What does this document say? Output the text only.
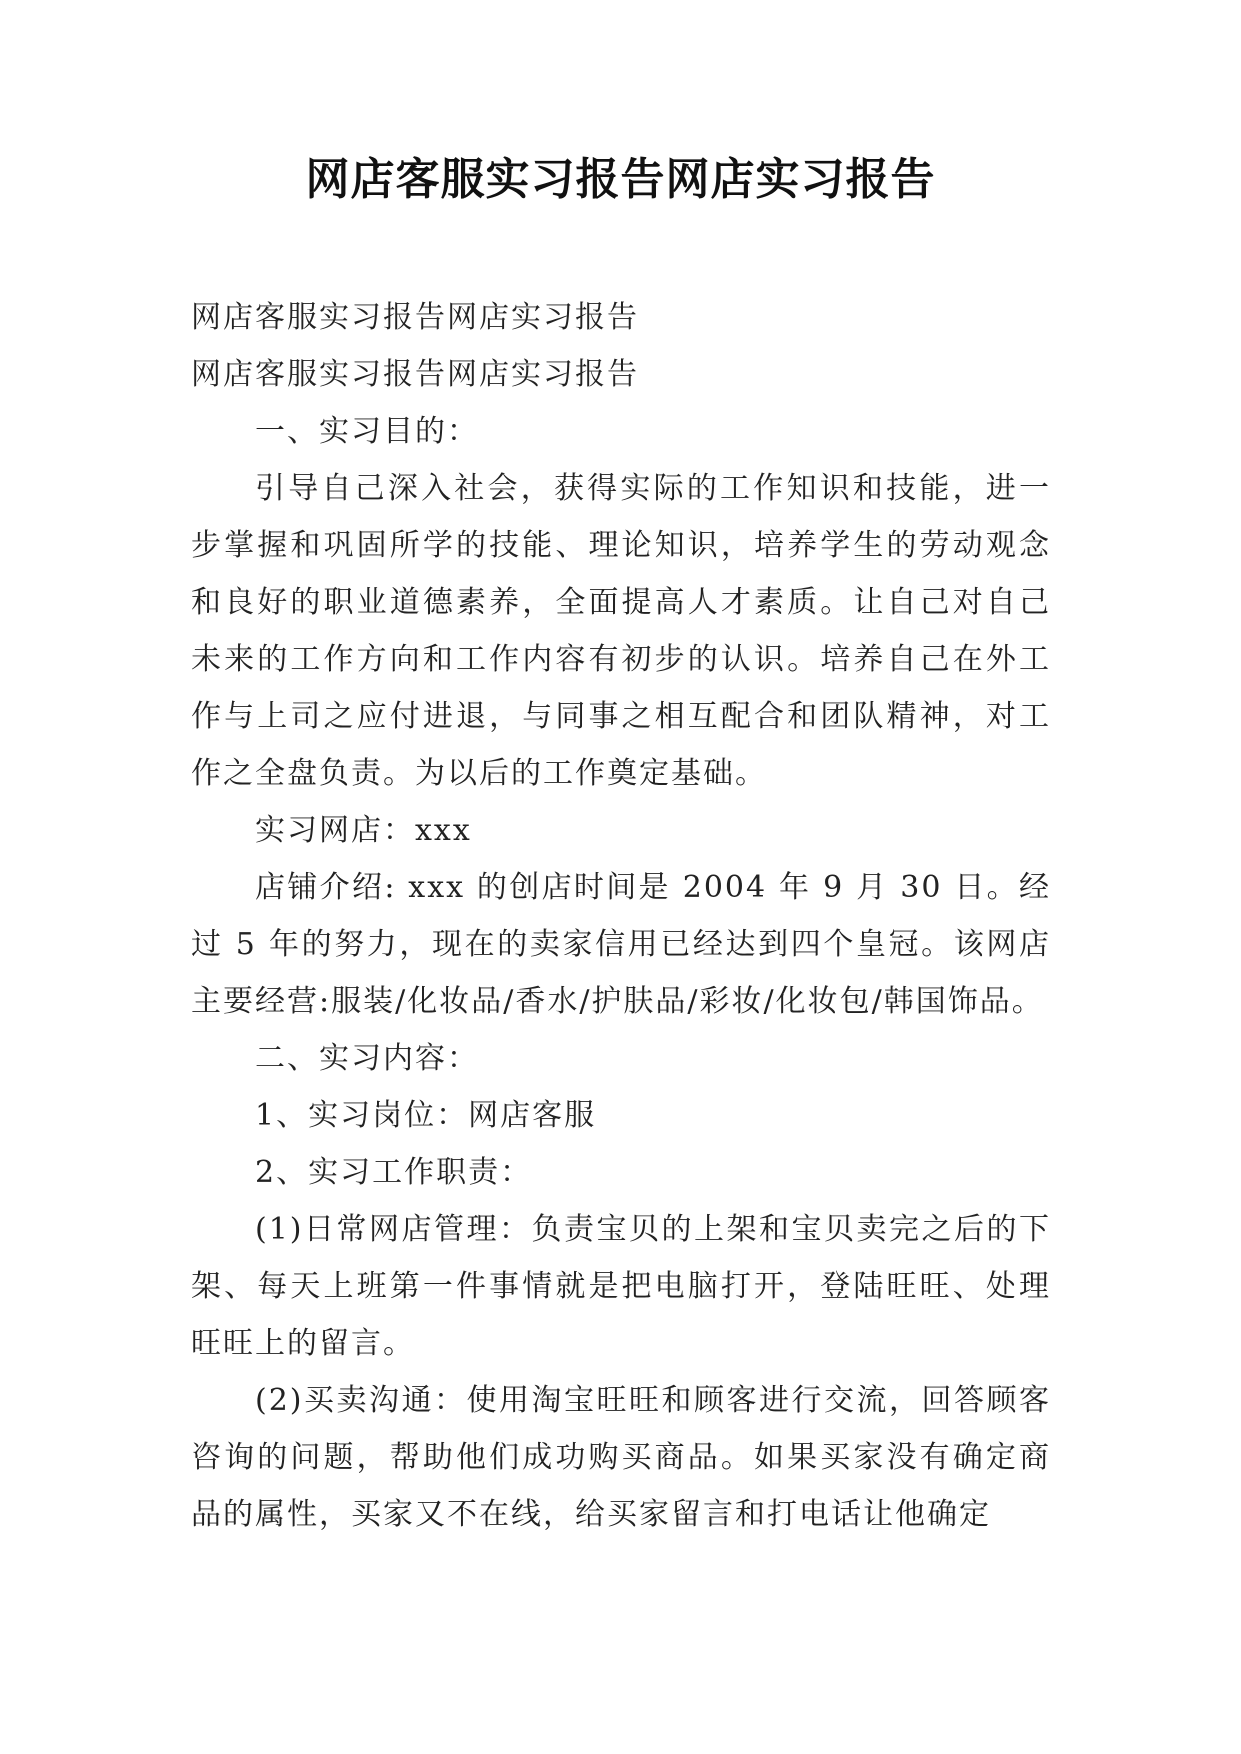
网店客服实习报告网店实习报告

网店客服实习报告网店实习报告

网店客服实习报告网店实习报告

一、实习目的：

引导自己深入社会，获得实际的工作知识和技能，进一步掌握和巩固所学的技能、理论知识，培养学生的劳动观念和良好的职业道德素养，全面提高人才素质。让自己对自己未来的工作方向和工作内容有初步的认识。培养自己在外工作与上司之应付进退，与同事之相互配合和团队精神，对工作之全盘负责。为以后的工作奠定基础。

实习网店：xxx

店铺介绍: xxx 的创店时间是 2004 年 9 月 30 日。经过 5 年的努力，现在的卖家信用已经达到四个皇冠。该网店主要经营:服装/化妆品/香水/护肤品/彩妆/化妆包/韩国饰品。

二、实习内容：

1、实习岗位：网店客服

2、实习工作职责：

(1)日常网店管理：负责宝贝的上架和宝贝卖完之后的下架、每天上班第一件事情就是把电脑打开，登陆旺旺、处理旺旺上的留言。

(2)买卖沟通：使用淘宝旺旺和顾客进行交流，回答顾客咨询的问题，帮助他们成功购买商品。如果买家没有确定商品的属性，买家又不在线，给买家留言和打电话让他确定
